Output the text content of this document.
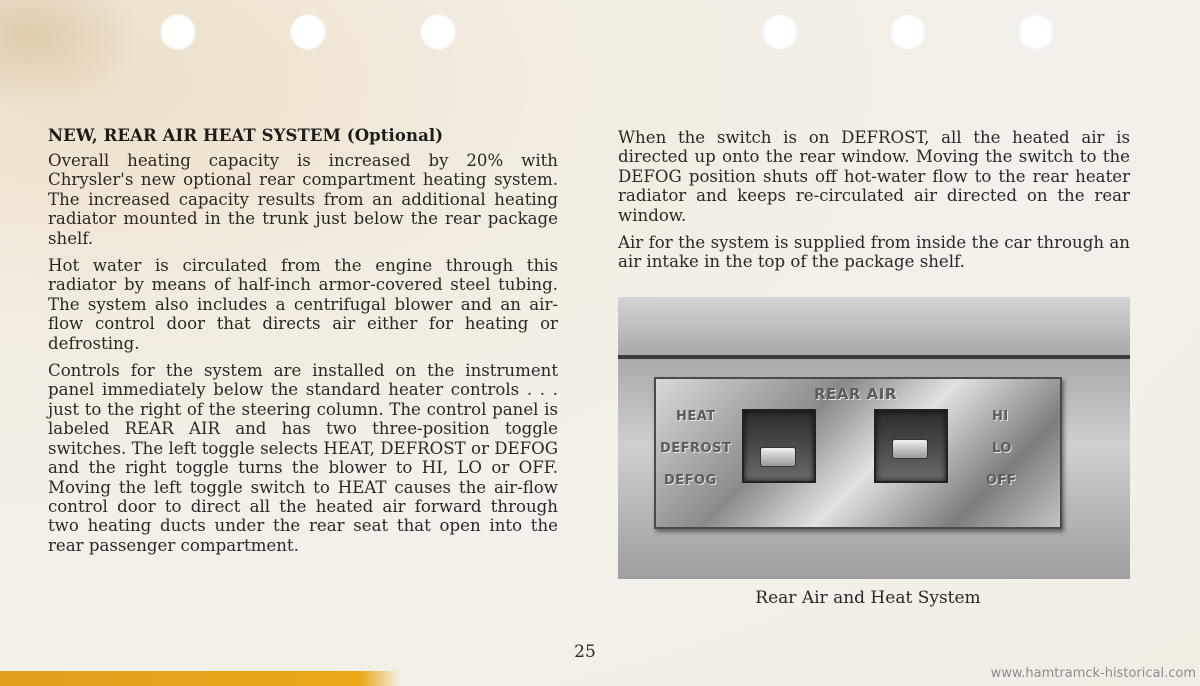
NEW, REAR AIR HEAT SYSTEM (Optional)

Overall heating capacity is increased by 20% with Chrysler's new optional rear compartment heating system. The increased capacity results from an additional heating radiator mounted in the trunk just below the rear package shelf.

Hot water is circulated from the engine through this radiator by means of half-inch armor-covered steel tubing. The system also includes a centrifugal blower and an air-flow control door that directs air either for heating or defrosting.

Controls for the system are installed on the instrument panel immediately below the standard heater controls . . . just to the right of the steering column. The control panel is labeled REAR AIR and has two three-position toggle switches. The left toggle selects HEAT, DEFROST or DEFOG and the right toggle turns the blower to HI, LO or OFF. Moving the left toggle switch to HEAT causes the air-flow control door to direct all the heated air forward through two heating ducts under the rear seat that open into the rear passenger compartment.

When the switch is on DEFROST, all the heated air is directed up onto the rear window. Moving the switch to the DEFOG position shuts off hot-water flow to the rear heater radiator and keeps re-circulated air directed on the rear window.

Air for the system is supplied from inside the car through an air intake in the top of the package shelf.

REAR AIR
HEAT
DEFROST
DEFOG
HI
LO
OFF
Rear Air and Heat System
25
www.hamtramck-historical.com
